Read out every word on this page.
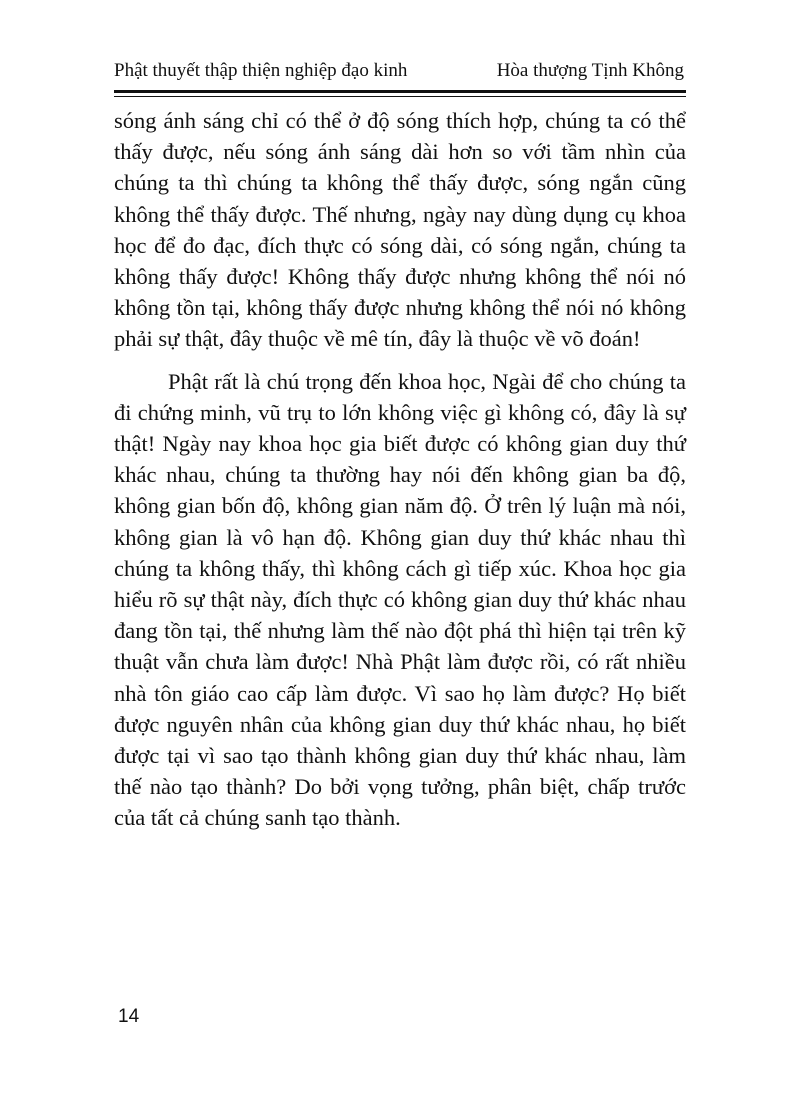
Phật thuyết thập thiện nghiệp đạo kinh	Hòa thượng Tịnh Không

sóng ánh sáng chỉ có thể ở độ sóng thích hợp, chúng ta có thể thấy được, nếu sóng ánh sáng dài hơn so với tầm nhìn của chúng ta thì chúng ta không thể thấy được, sóng ngắn cũng không thể thấy được. Thế nhưng, ngày nay dùng dụng cụ khoa học để đo đạc, đích thực có sóng dài, có sóng ngắn, chúng ta không thấy được! Không thấy được nhưng không thể nói nó không tồn tại, không thấy được nhưng không thể nói nó không phải sự thật, đây thuộc về mê tín, đây là thuộc về võ đoán!

Phật rất là chú trọng đến khoa học, Ngài để cho chúng ta đi chứng minh, vũ trụ to lớn không việc gì không có, đây là sự thật! Ngày nay khoa học gia biết được có không gian duy thứ khác nhau, chúng ta thường hay nói đến không gian ba độ, không gian bốn độ, không gian năm độ. Ở trên lý luận mà nói, không gian là vô hạn độ. Không gian duy thứ khác nhau thì chúng ta không thấy, thì không cách gì tiếp xúc. Khoa học gia hiểu rõ sự thật này, đích thực có không gian duy thứ khác nhau đang tồn tại, thế nhưng làm thế nào đột phá thì hiện tại trên kỹ thuật vẫn chưa làm được! Nhà Phật làm được rồi, có rất nhiều nhà tôn giáo cao cấp làm được. Vì sao họ làm được? Họ biết được nguyên nhân của không gian duy thứ khác nhau, họ biết được tại vì sao tạo thành không gian duy thứ khác nhau, làm thế nào tạo thành? Do bởi vọng tưởng, phân biệt, chấp trước của tất cả chúng sanh tạo thành.

14
